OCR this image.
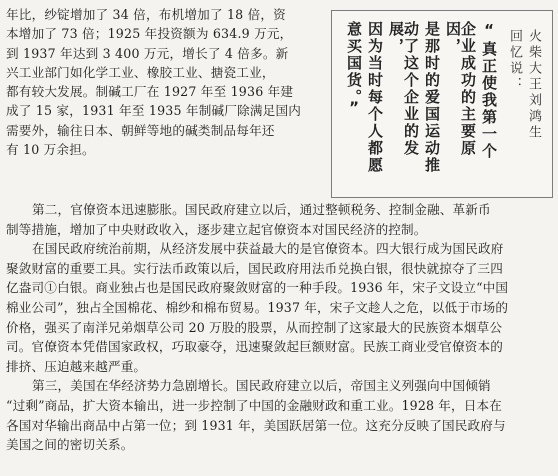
年比，纱锭增加了 34 倍，布机增加了 18 倍，资
本增加了 73 倍；1925 年投资额为 634.9 万元，
到 1937 年达到 3 400 万元，增长了 4 倍多。新
兴工业部门如化学工业、橡胶工业、搪瓷工业，
都有较大发展。制碱工厂在 1927 年至 1936 年建
成了 15 家，1931 年至 1935 年制碱厂除满足国内
需要外，输往日本、朝鲜等地的碱类制品每年还
有 10 万余担。
火柴大王刘鸿生
回忆说：
“真正使我第一个
企业成功的主要原因，
是那时的爱国运动推
动了这个企业的发展，
因为当时每个人都愿
意买国货。”
第二，官僚资本迅速膨胀。国民政府建立以后，通过整顿税务、控制金融、革新币
制等措施，增加了中央财政收入，逐步建立起官僚资本对国民经济的控制。
在国民政府统治前期，从经济发展中获益最大的是官僚资本。四大银行成为国民政府
聚敛财富的重要工具。实行法币政策以后，国民政府用法币兑换白银，很快就掠夺了三四
亿盎司①白银。商业独占也是国民政府聚敛财富的一种手段。1936 年，宋子文设立“中国
棉业公司”，独占全国棉花、棉纱和棉布贸易。1937 年，宋子文趁人之危，以低于市场的
价格，强买了南洋兄弟烟草公司 20 万股的股票，从而控制了这家最大的民族资本烟草公
司。官僚资本凭借国家政权，巧取豪夺，迅速聚敛起巨额财富。民族工商业受官僚资本的
排挤、压迫越来越严重。
第三，美国在华经济势力急剧增长。国民政府建立以后，帝国主义列强向中国倾销
“过剩”商品，扩大资本输出，进一步控制了中国的金融财政和重工业。1928 年，日本在
各国对华输出商品中占第一位；到 1931 年，美国跃居第一位。这充分反映了国民政府与
美国之间的密切关系。
